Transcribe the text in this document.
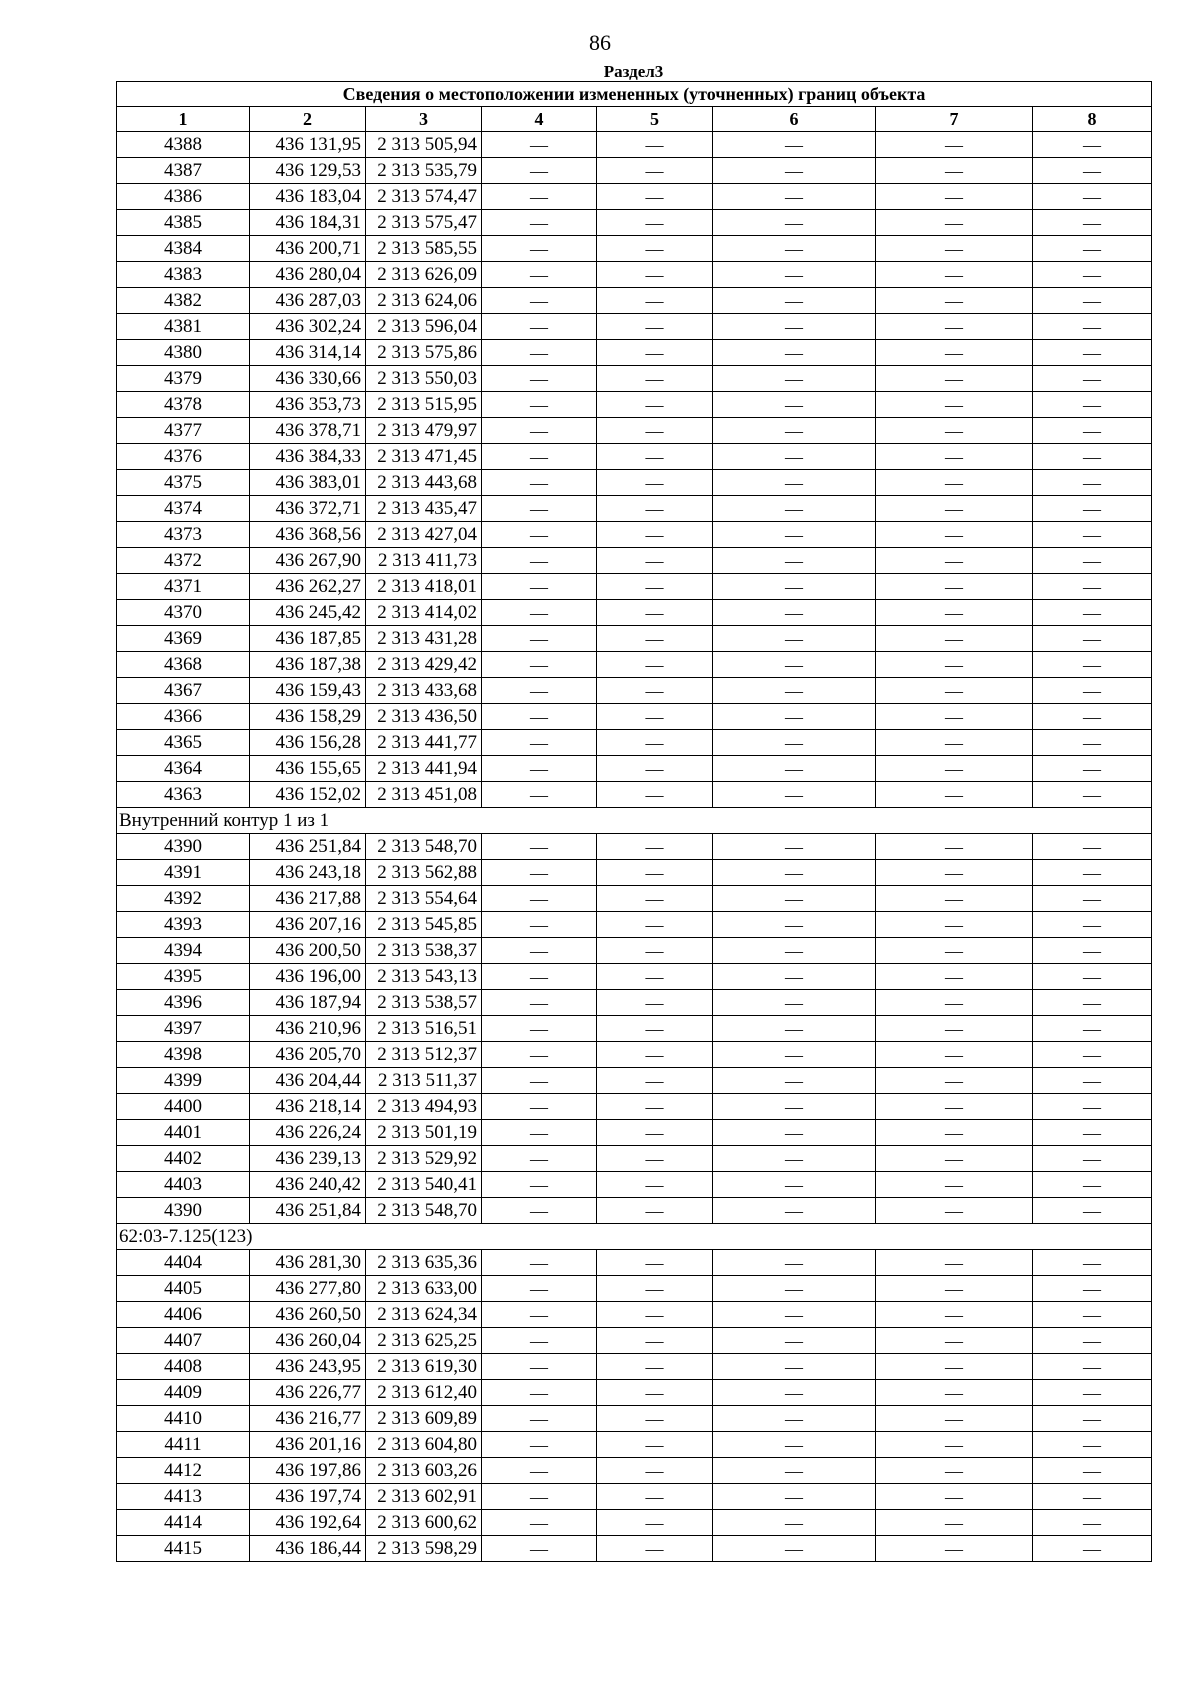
86
Раздел3
Сведения о местоположении измененных (уточненных) границ объекта							
1	2	3	4	5	6	7	8
4388	436 131,95	2 313 505,94	—	—	—	—	—
4387	436 129,53	2 313 535,79	—	—	—	—	—
4386	436 183,04	2 313 574,47	—	—	—	—	—
4385	436 184,31	2 313 575,47	—	—	—	—	—
4384	436 200,71	2 313 585,55	—	—	—	—	—
4383	436 280,04	2 313 626,09	—	—	—	—	—
4382	436 287,03	2 313 624,06	—	—	—	—	—
4381	436 302,24	2 313 596,04	—	—	—	—	—
4380	436 314,14	2 313 575,86	—	—	—	—	—
4379	436 330,66	2 313 550,03	—	—	—	—	—
4378	436 353,73	2 313 515,95	—	—	—	—	—
4377	436 378,71	2 313 479,97	—	—	—	—	—
4376	436 384,33	2 313 471,45	—	—	—	—	—
4375	436 383,01	2 313 443,68	—	—	—	—	—
4374	436 372,71	2 313 435,47	—	—	—	—	—
4373	436 368,56	2 313 427,04	—	—	—	—	—
4372	436 267,90	2 313 411,73	—	—	—	—	—
4371	436 262,27	2 313 418,01	—	—	—	—	—
4370	436 245,42	2 313 414,02	—	—	—	—	—
4369	436 187,85	2 313 431,28	—	—	—	—	—
4368	436 187,38	2 313 429,42	—	—	—	—	—
4367	436 159,43	2 313 433,68	—	—	—	—	—
4366	436 158,29	2 313 436,50	—	—	—	—	—
4365	436 156,28	2 313 441,77	—	—	—	—	—
4364	436 155,65	2 313 441,94	—	—	—	—	—
4363	436 152,02	2 313 451,08	—	—	—	—	—
Внутренний контур 1 из 1							
4390	436 251,84	2 313 548,70	—	—	—	—	—
4391	436 243,18	2 313 562,88	—	—	—	—	—
4392	436 217,88	2 313 554,64	—	—	—	—	—
4393	436 207,16	2 313 545,85	—	—	—	—	—
4394	436 200,50	2 313 538,37	—	—	—	—	—
4395	436 196,00	2 313 543,13	—	—	—	—	—
4396	436 187,94	2 313 538,57	—	—	—	—	—
4397	436 210,96	2 313 516,51	—	—	—	—	—
4398	436 205,70	2 313 512,37	—	—	—	—	—
4399	436 204,44	2 313 511,37	—	—	—	—	—
4400	436 218,14	2 313 494,93	—	—	—	—	—
4401	436 226,24	2 313 501,19	—	—	—	—	—
4402	436 239,13	2 313 529,92	—	—	—	—	—
4403	436 240,42	2 313 540,41	—	—	—	—	—
4390	436 251,84	2 313 548,70	—	—	—	—	—
62:03-7.125(123)							
4404	436 281,30	2 313 635,36	—	—	—	—	—
4405	436 277,80	2 313 633,00	—	—	—	—	—
4406	436 260,50	2 313 624,34	—	—	—	—	—
4407	436 260,04	2 313 625,25	—	—	—	—	—
4408	436 243,95	2 313 619,30	—	—	—	—	—
4409	436 226,77	2 313 612,40	—	—	—	—	—
4410	436 216,77	2 313 609,89	—	—	—	—	—
4411	436 201,16	2 313 604,80	—	—	—	—	—
4412	436 197,86	2 313 603,26	—	—	—	—	—
4413	436 197,74	2 313 602,91	—	—	—	—	—
4414	436 192,64	2 313 600,62	—	—	—	—	—
4415	436 186,44	2 313 598,29	—	—	—	—	—
